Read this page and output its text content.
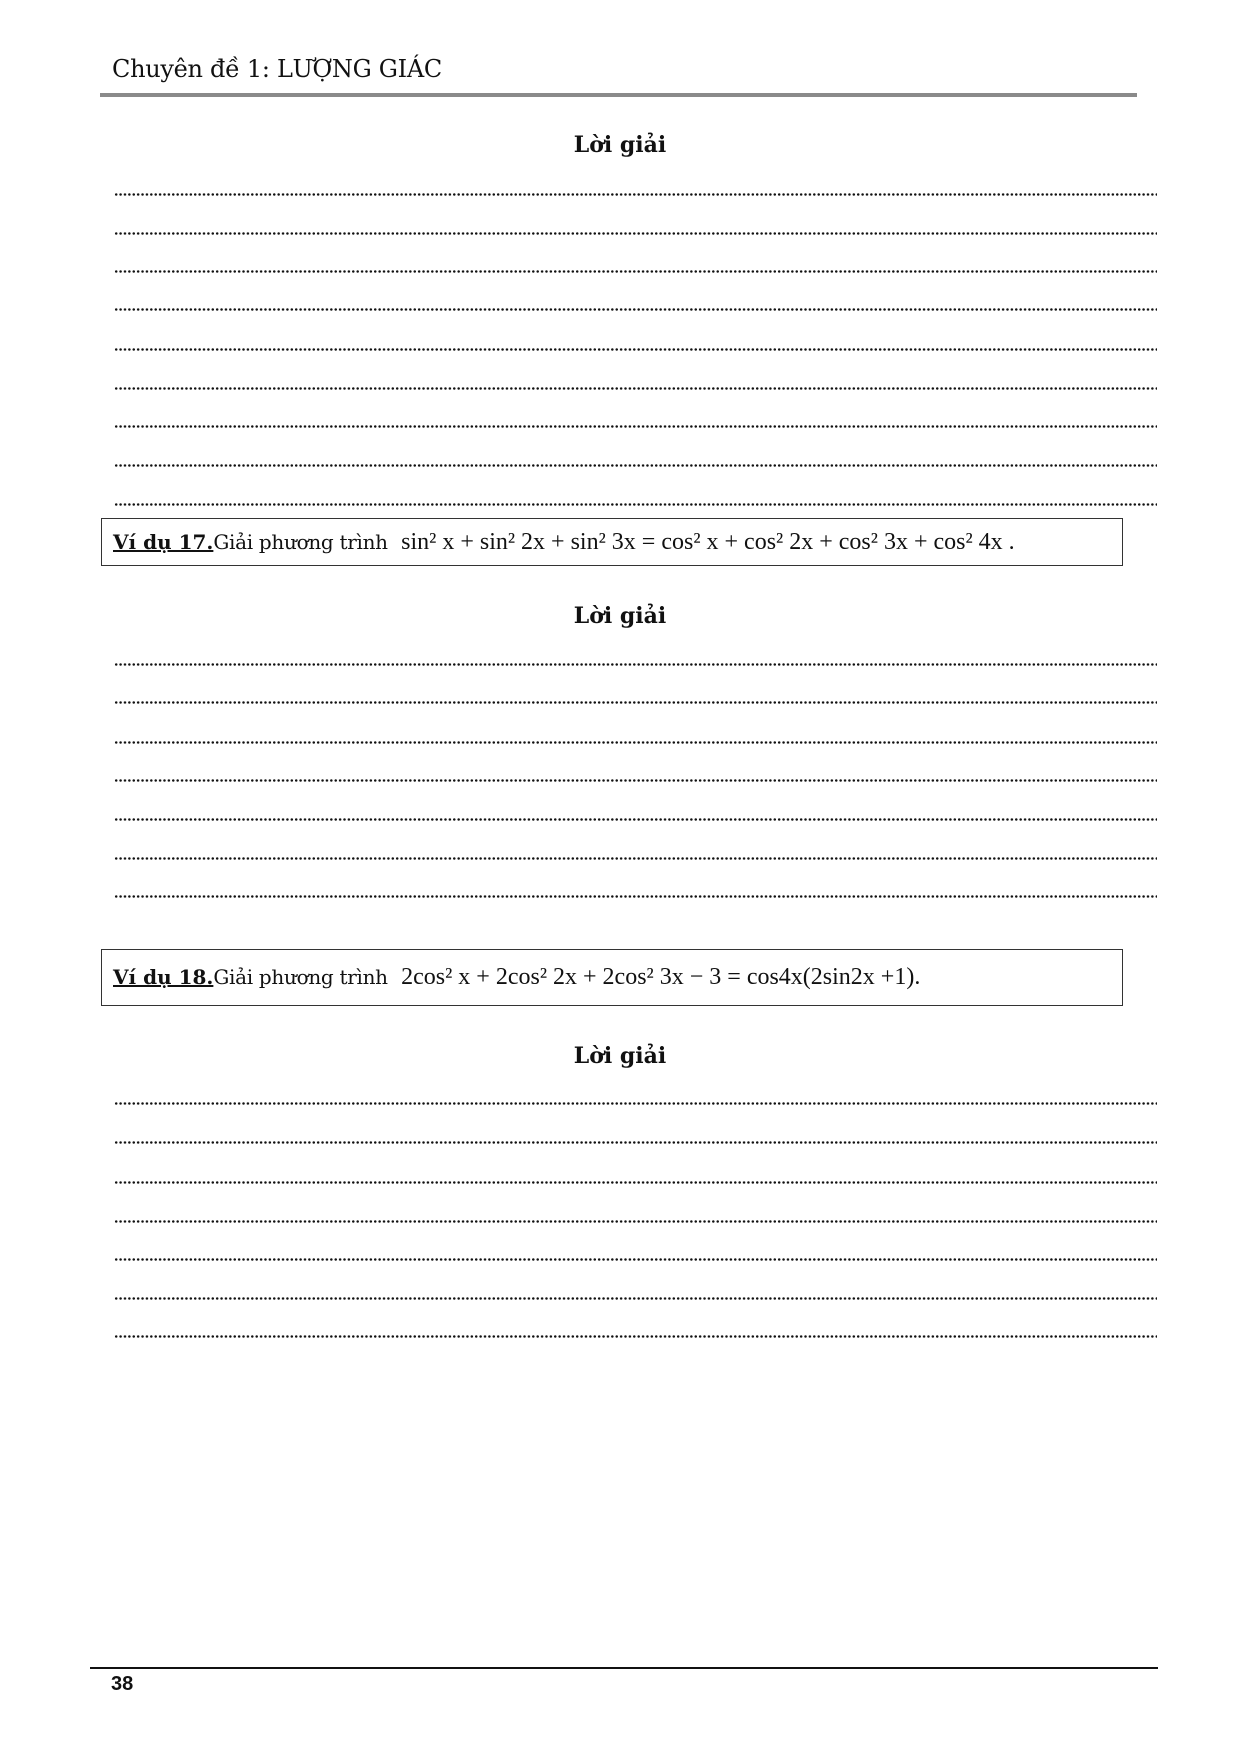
Chuyên đề 1: LƯỢNG GIÁC
Lời giải
Ví dụ 17.Giải phương trình sin² x + sin² 2x + sin² 3x = cos² x + cos² 2x + cos² 3x + cos² 4x .
Lời giải
Ví dụ 18.Giải phương trình 2cos² x + 2cos² 2x + 2cos² 3x − 3 = cos4x(2sin2x +1).
Lời giải
38
